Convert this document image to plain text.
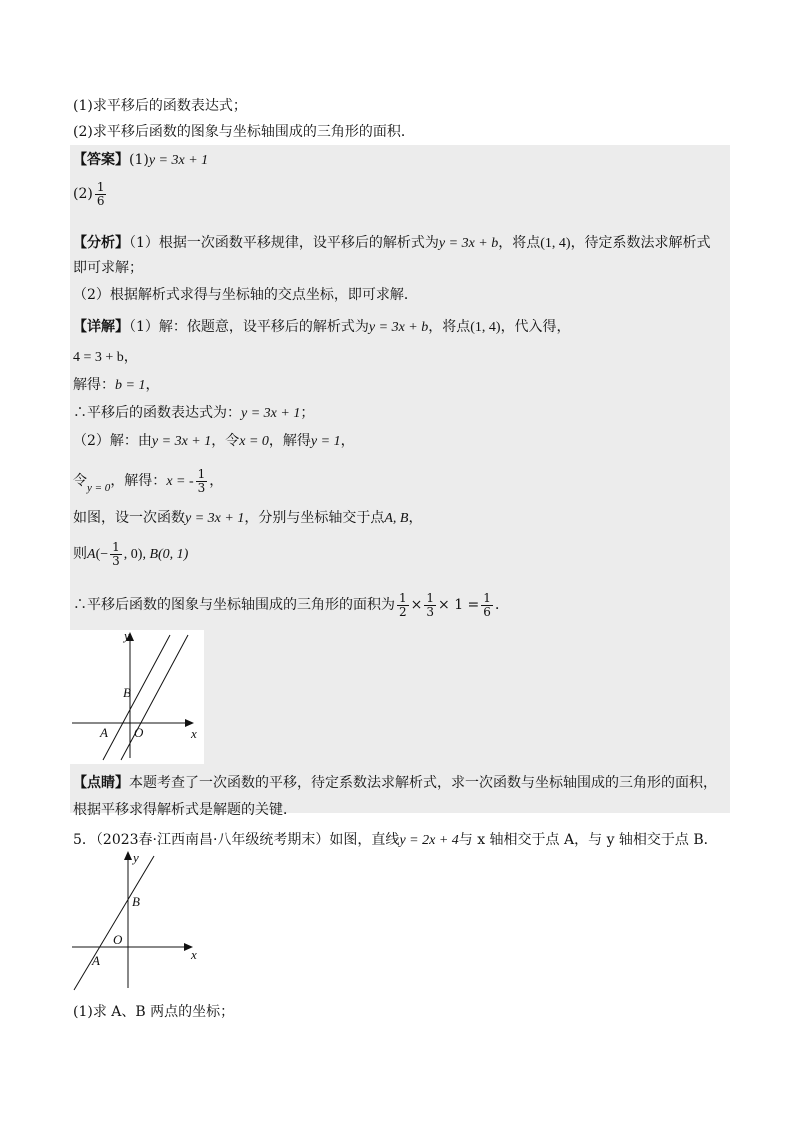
(1)求平移后的函数表达式；
(2)求平移后函数的图象与坐标轴围成的三角形的面积．
【答案】(1)y = 3x + 1
$(2) \frac{1}{6}$
【分析】（1）根据一次函数平移规律，设平移后的解析式为y = 3x + b，将点(1, 4)，待定系数法求解析式
即可求解；
（2）根据解析式求得与坐标轴的交点坐标，即可求解．
【详解】（1）解：依题意，设平移后的解析式为y = 3x + b，将点(1, 4)，代入得，
4 = 3 + b，
解得：b = 1，
∴平移后的函数表达式为：y = 3x + 1；
（2）解：由y = 3x + 1，令x = 0，解得y = 1，
令$_{y = 0}$，解得：x = - $\frac{1}{3}$ ，
如图，设一次函数y = 3x + 1，分别与坐标轴交于点A, B，
则$A(- \frac{1}{3}$ , 0), B(0, 1)
∴平移后函数的图象与坐标轴围成的三角形的面积为 $\frac{1}{2} \times \frac{1}{3} \times 1 = \frac{1}{6}$ ．
y
x
B
A O
【点睛】本题考查了一次函数的平移，待定系数法求解析式，求一次函数与坐标轴围成的三角形的面积，
根据平移求得解析式是解题的关键．
5．（2023春·江西南昌·八年级统考期末）如图，直线y = 2x + 4与 x 轴相交于点 A，与 y 轴相交于点 B．
y
x
B
A
O
(1)求 A、B 两点的坐标；
